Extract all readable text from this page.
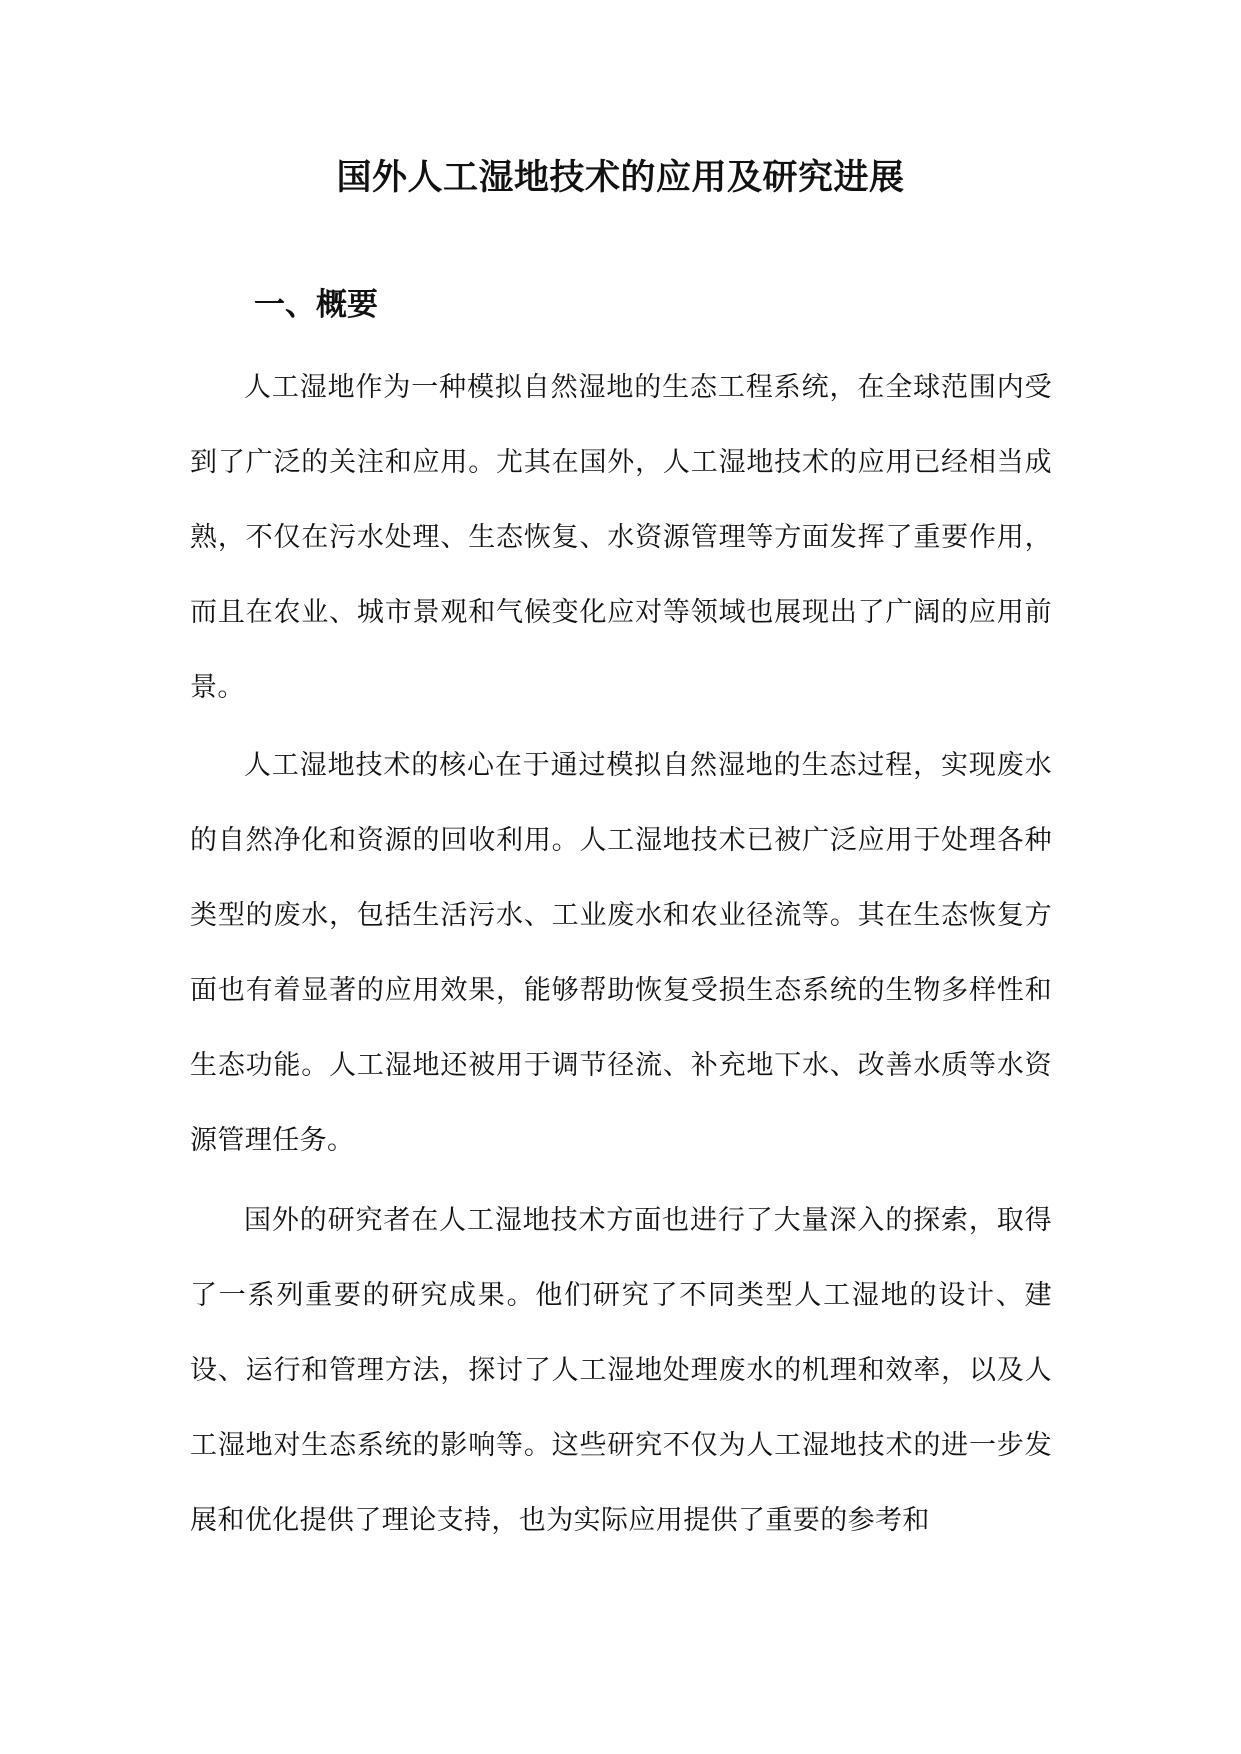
国外人工湿地技术的应用及研究进展
一、概要

人工湿地作为一种模拟自然湿地的生态工程系统，在全球范围内受到了广泛的关注和应用。尤其在国外，人工湿地技术的应用已经相当成熟，不仅在污水处理、生态恢复、水资源管理等方面发挥了重要作用，而且在农业、城市景观和气候变化应对等领域也展现出了广阔的应用前景。

人工湿地技术的核心在于通过模拟自然湿地的生态过程，实现废水的自然净化和资源的回收利用。人工湿地技术已被广泛应用于处理各种类型的废水，包括生活污水、工业废水和农业径流等。其在生态恢复方面也有着显著的应用效果，能够帮助恢复受损生态系统的生物多样性和生态功能。人工湿地还被用于调节径流、补充地下水、改善水质等水资源管理任务。

国外的研究者在人工湿地技术方面也进行了大量深入的探索，取得了一系列重要的研究成果。他们研究了不同类型人工湿地的设计、建设、运行和管理方法，探讨了人工湿地处理废水的机理和效率，以及人工湿地对生态系统的影响等。这些研究不仅为人工湿地技术的进一步发展和优化提供了理论支持，也为实际应用提供了重要的参考和
